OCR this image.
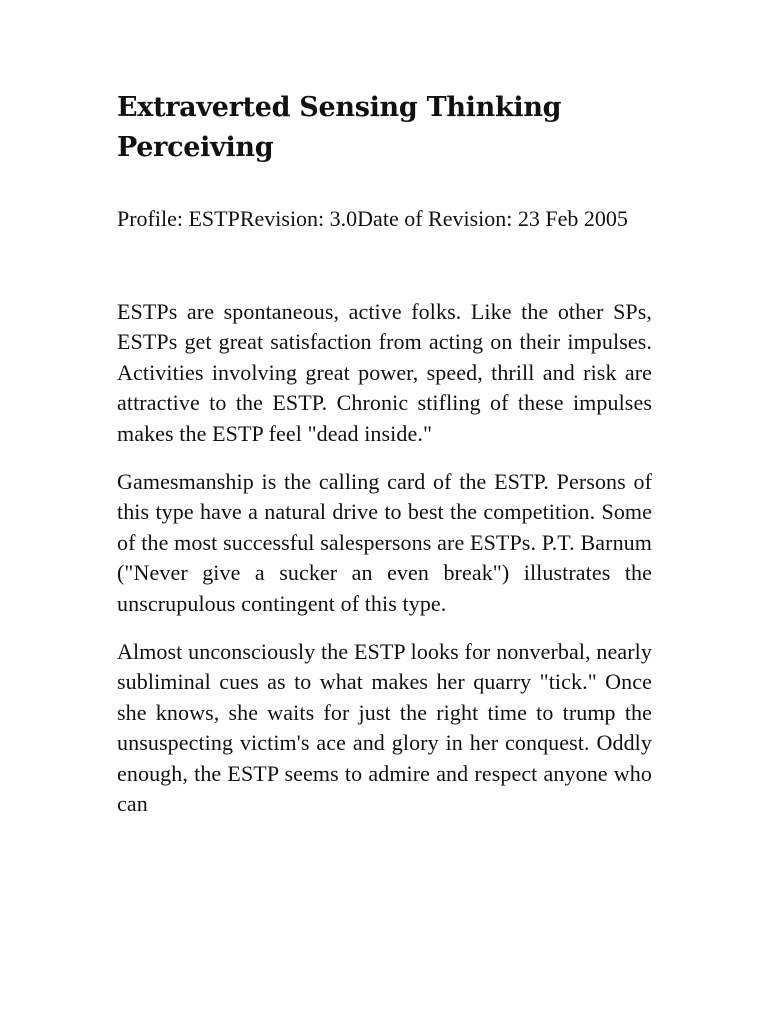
Extraverted Sensing Thinking Perceiving

Profile: ESTPRevision: 3.0Date of Revision: 23 Feb 2005

ESTPs are spontaneous, active folks. Like the other SPs, ESTPs get great satisfaction from acting on their impulses. Activities involving great power, speed, thrill and risk are attractive to the ESTP. Chronic stifling of these impulses makes the ESTP feel "dead inside."

Gamesmanship is the calling card of the ESTP. Persons of this type have a natural drive to best the competition. Some of the most successful salespersons are ESTPs. P.T. Barnum ("Never give a sucker an even break") illustrates the unscrupulous contingent of this type.

Almost unconsciously the ESTP looks for nonverbal, nearly subliminal cues as to what makes her quarry "tick." Once she knows, she waits for just the right time to trump the unsuspecting victim's ace and glory in her conquest. Oddly enough, the ESTP seems to admire and respect anyone who can
